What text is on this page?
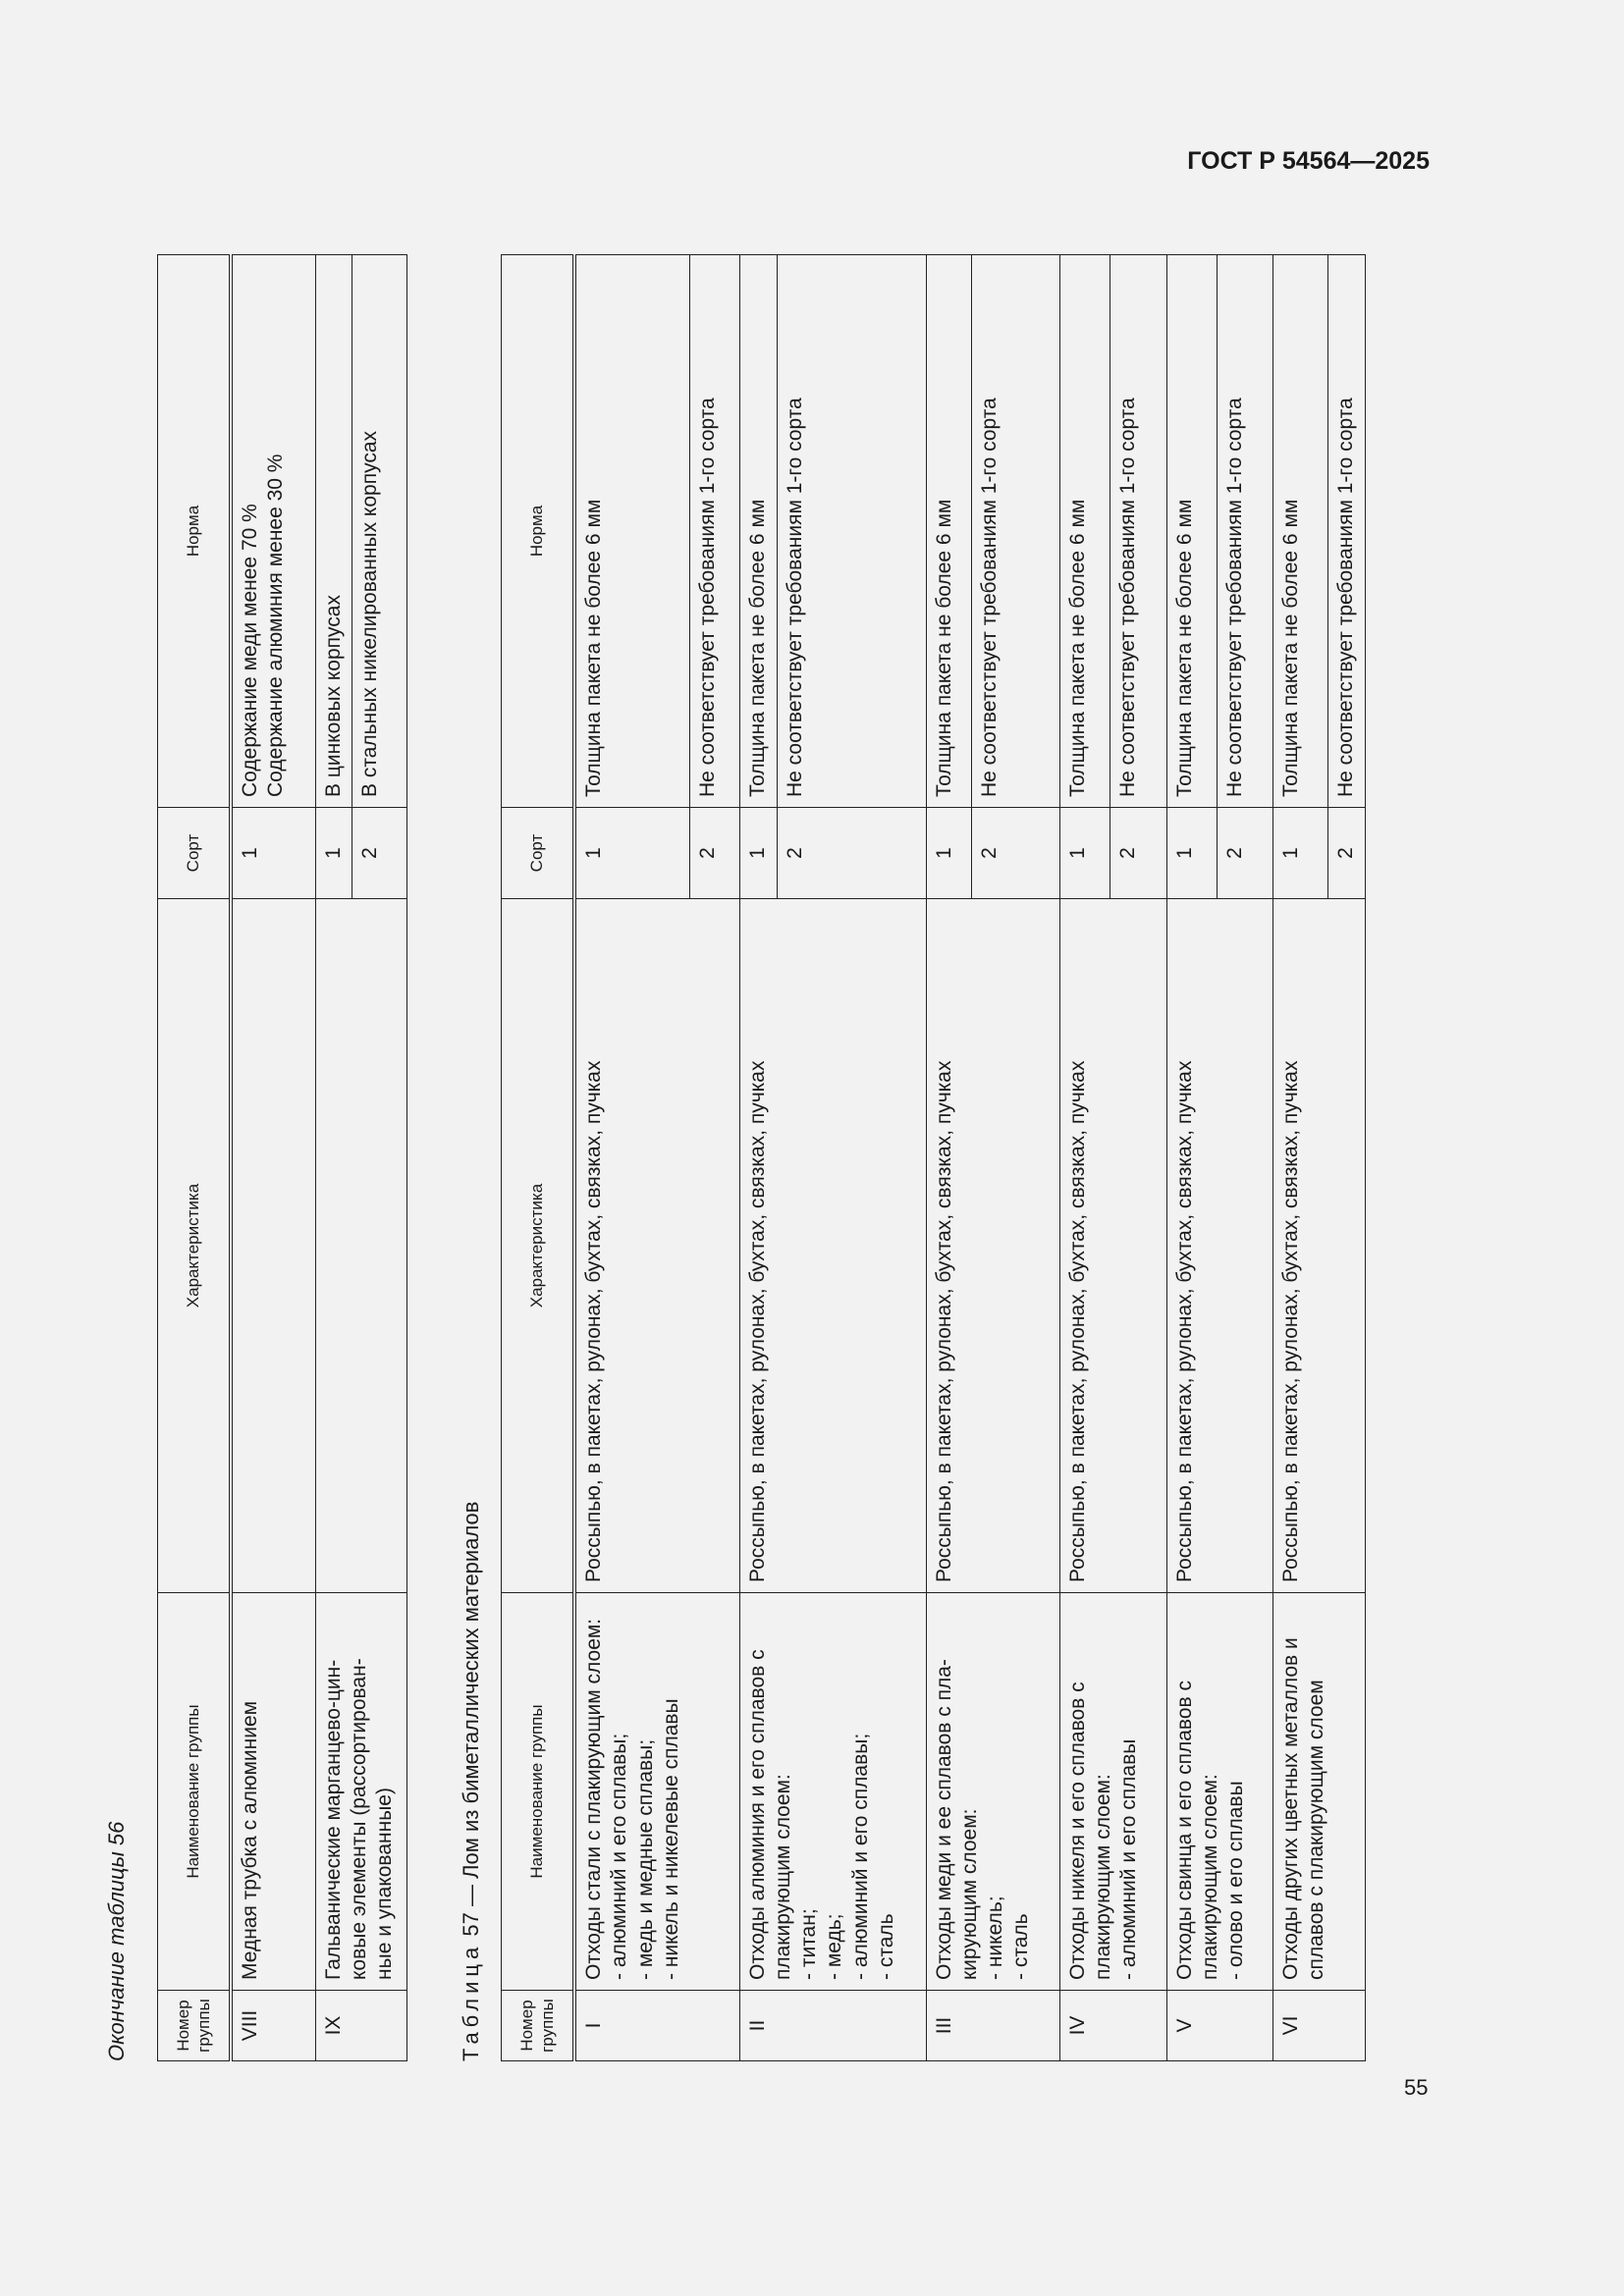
ГОСТ Р 54564—2025
Окончание таблицы 56	Номер группы	Наименование группы	Характеристика	Сорт	Норма
VIII	Медная трубка с алюминием		1	Содержание меди менее 70 %
Содержание алюминия менее 30 %
IX	Гальванические марганцево-цин-
ковые элементы (рассортирован-
ные и упакованные)		1	В цинковых корпусах
			2	В стальных никелированных корпусах
Таблица 57 — Лом из биметаллических материалов
Номер группы	Наименование группы	Характеристика	Сорт	Норма
I	Отходы стали с плакирующим слоем:
- алюминий и его сплавы;
- медь и медные сплавы;
- никель и никелевые сплавы	Россыпью, в пакетах, рулонах, бухтах, связках, пучках	1	Толщина пакета не более 6 мм
			2	Не соответствует требованиям 1-го сорта
II	Отходы алюминия и его сплавов с плакирующим слоем:
- титан;
- медь;
- алюминий и его сплавы;
- сталь	Россыпью, в пакетах, рулонах, бухтах, связках, пучках	1	Толщина пакета не более 6 мм
			2	Не соответствует требованиям 1-го сорта
III	Отходы меди и ее сплавов с пла-
кирующим слоем:
- никель;
- сталь	Россыпью, в пакетах, рулонах, бухтах, связках, пучках	1	Толщина пакета не более 6 мм
			2	Не соответствует требованиям 1-го сорта
IV	Отходы никеля и его сплавов с плакирующим слоем:
- алюминий и его сплавы	Россыпью, в пакетах, рулонах, бухтах, связках, пучках	1	Толщина пакета не более 6 мм
			2	Не соответствует требованиям 1-го сорта
V	Отходы свинца и его сплавов с плакирующим слоем:
- олово и его сплавы	Россыпью, в пакетах, рулонах, бухтах, связках, пучках	1	Толщина пакета не более 6 мм
			2	Не соответствует требованиям 1-го сорта
VI	Отходы других цветных металлов и сплавов с плакирующим слоем	Россыпью, в пакетах, рулонах, бухтах, связках, пучках	1	Толщина пакета не более 6 мм
			2	Не соответствует требованиям 1-го сорта
55
